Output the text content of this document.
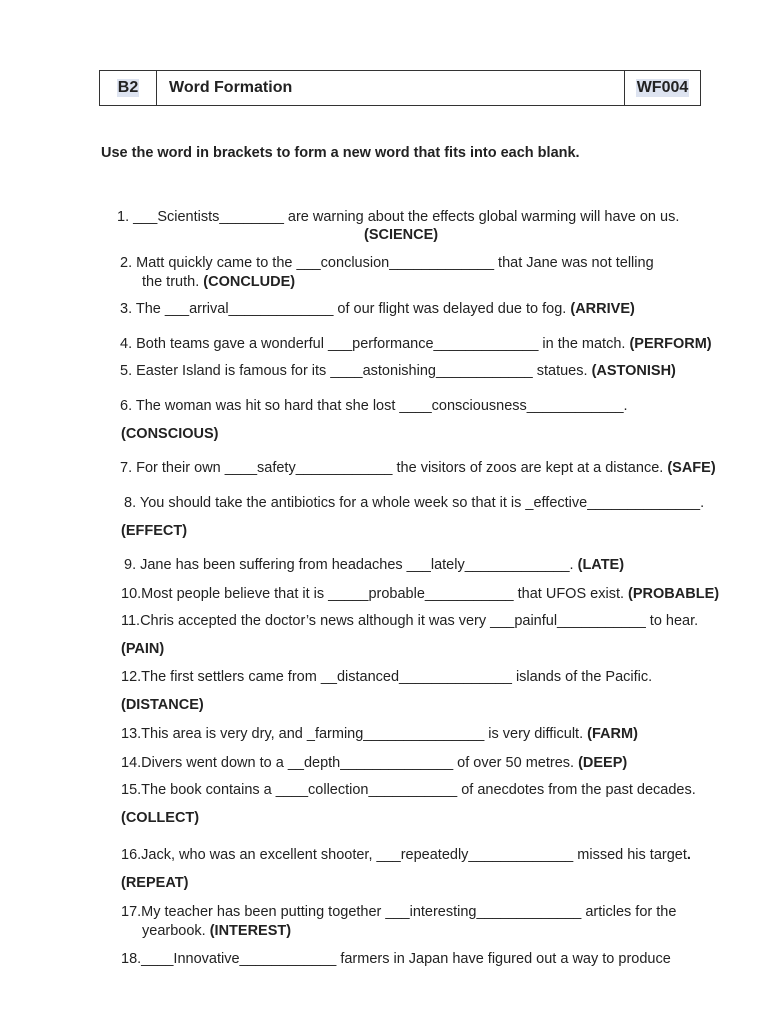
B2 Word Formation	WF004
Use the word in brackets to form a new word that fits into each blank.
1. ___Scientists________ are warning about the effects global warming will have on us.
(SCIENCE)
2. Matt quickly came to the ___conclusion_____________ that Jane was not telling
the truth. (CONCLUDE)
3. The ___arrival_____________ of our flight was delayed due to fog. (ARRIVE)
4. Both teams gave a wonderful ___performance_____________ in the match. (PERFORM)
5. Easter Island is famous for its ____astonishing____________ statues. (ASTONISH)
6. The woman was hit so hard that she lost ____consciousness____________.
(CONSCIOUS)
7. For their own ____safety____________ the visitors of zoos are kept at a distance. (SAFE)
8. You should take the antibiotics for a whole week so that it is _effective______________.
(EFFECT)
9. Jane has been suffering from headaches ___lately_____________. (LATE)
10.Most people believe that it is _____probable___________ that UFOS exist. (PROBABLE)
11.Chris accepted the doctor’s news although it was very ___painful___________ to hear.
(PAIN)
12.The first settlers came from __distanced______________ islands of the Pacific.
(DISTANCE)
13.This area is very dry, and _farming_______________ is very difficult. (FARM)
14.Divers went down to a __depth______________ of over 50 metres. (DEEP)
15.The book contains a ____collection___________ of anecdotes from the past decades.
(COLLECT)
16.Jack, who was an excellent shooter, ___repeatedly_____________ missed his target.
(REPEAT)
17.My teacher has been putting together ___interesting_____________ articles for the
yearbook. (INTEREST)
18.____Innovative____________ farmers in Japan have figured out a way to produce
